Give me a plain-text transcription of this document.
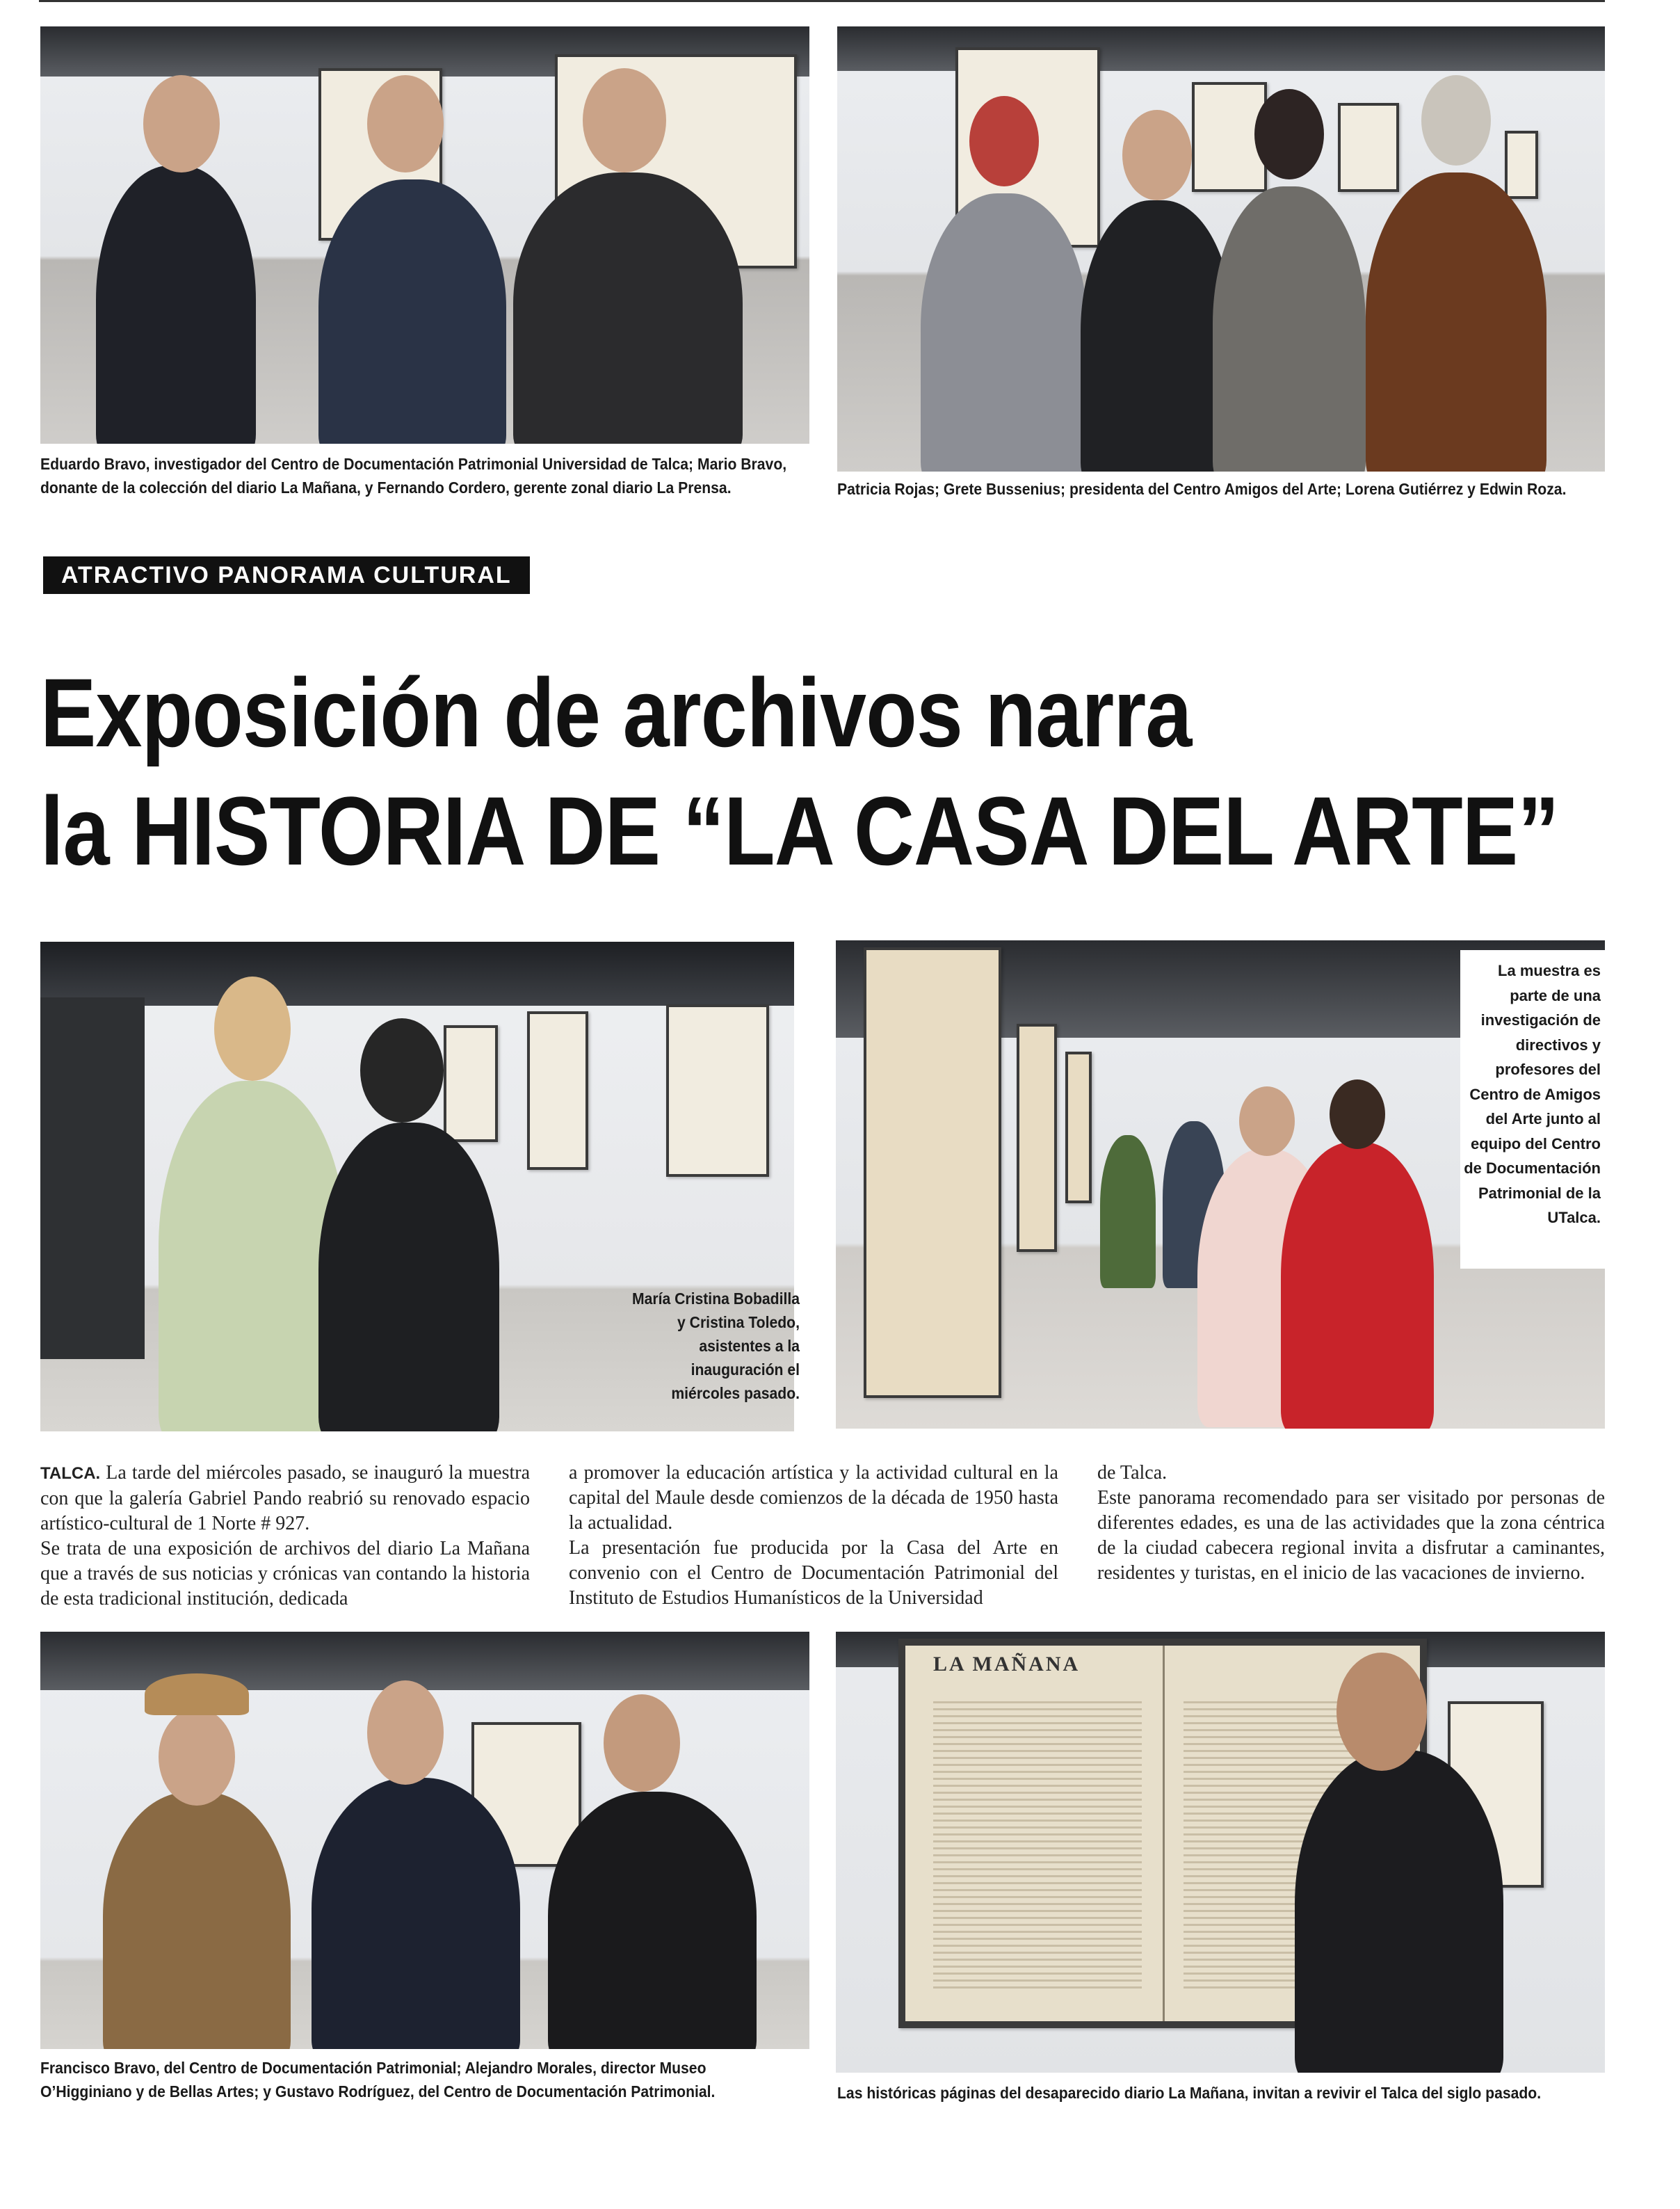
Eduardo Bravo, investigador del Centro de Documentación Patrimonial Universidad de Talca; Mario Bravo, donante de la colección del diario La Mañana, y Fernando Cordero, gerente zonal diario La Prensa.	Patricia Rojas; Grete Bussenius; presidenta del Centro Amigos del Arte; Lorena Gutiérrez y Edwin Roza.
ATRACTIVO PANORAMA CULTURAL
Exposición de archivos narra
la HISTORIA DE “LA CASA DEL ARTE”
María Cristina Bobadilla y Cristina Toledo, asistentes a la inauguración el miércoles pasado.
La muestra es parte de una investigación de directivos y profesores del Centro de Amigos del Arte junto al equipo del Centro de Documentación Patrimonial de la UTalca.

TALCA. La tarde del miércoles pasado, se inauguró la muestra con que la galería Gabriel Pando reabrió su renovado espacio artístico-cultural de 1 Norte # 927.

Se trata de una exposición de archivos del diario La Mañana que a través de sus noticias y crónicas van contando la historia de esta tradicional institución, dedicada

a promover la educación artística y la actividad cultural en la capital del Maule desde comienzos de la década de 1950 hasta la actualidad.

La presentación fue producida por la Casa del Arte en convenio con el Centro de Documentación Patrimonial del Instituto de Estudios Humanísticos de la Universidad

de Talca.

Este panorama recomendado para ser visitado por personas de diferentes edades, es una de las actividades que la zona céntrica de la ciudad cabecera regional invita a disfrutar a caminantes, residentes y turistas, en el inicio de las vacaciones de invierno.

Francisco Bravo, del Centro de Documentación Patrimonial; Alejandro Morales, director Museo O’Higginiano y de Bellas Artes; y Gustavo Rodríguez, del Centro de Documentación Patrimonial.
LA MAÑANA
Las históricas páginas del desaparecido diario La Mañana, invitan a revivir el Talca del siglo pasado.
